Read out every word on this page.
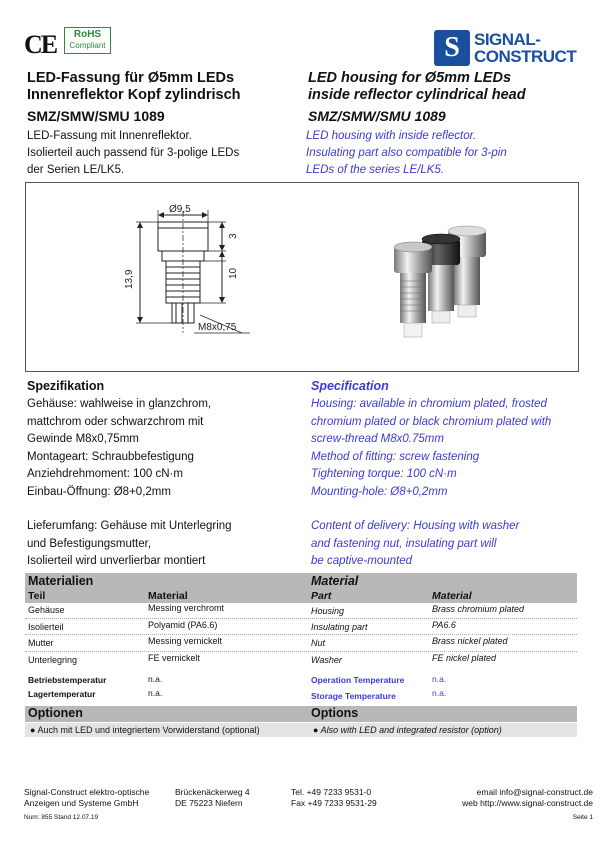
CE	RoHS
Compliant	S SIGNAL-
CONSTRUCT
LED-Fassung für Ø5mm LEDs
Innenreflektor Kopf zylindrisch
LED housing for Ø5mm LEDs
inside reflector cylindrical head
SMZ/SMW/SMU 1089	SMZ/SMW/SMU 1089
LED-Fassung mit Innenreflektor.
Isolierteil auch passend für 3-polige LEDs
der Serien LE/LK5.
LED housing with inside reflector.
Insulating part also compatible for 3-pin
LEDs of the series LE/LK5.
Ø9,5
3
10
13,9
M8x0,75
Spezifikation	Specification
Gehäuse: wahlweise in glanzchrom,
mattchrom oder schwarzchrom mit
Gewinde M8x0,75mm
Montageart: Schraubbefestigung
Anziehdrehmoment: 100 cN·m
Einbau-Öffnung: Ø8+0,2mm
Housing: available in chromium plated, frosted
chromium plated or black chromium plated with
screw-thread M8x0.75mm
Method of fitting: screw fastening
Tightening torque: 100 cN·m
Mounting-hole: Ø8+0,2mm
Lieferumfang: Gehäuse mit Unterlegring
und Befestigungsmutter,
Isolierteil wird unverlierbar montiert
Content of delivery: Housing with washer
and fastening nut, insulating part will
be captive-mounted
Materialien	Material
Teil	Material	Part	Material
Gehäuse	Messing verchromt	Housing	Brass chromium plated
Isolierteil	Polyamid (PA6.6)	Insulating part	PA6.6
Mutter	Messing vernickelt	Nut	Brass nickel plated
Unterlegring	FE vernickelt	Washer	FE nickel plated
Betriebstemperatur	n.a.	Operation Temperature	n.a.
Lagertemperatur	n.a.	Storage Temperature	n.a.
Optionen	Options
● Auch mit LED und integriertem Vorwiderstand (optional)	● Also with LED and integrated resistor (option)
Signal-Construct elektro-optische
Anzeigen und Systeme GmbH
Brückenäckerweg 4
DE 75223 Niefern
Tel. +49 7233 9531-0
Fax +49 7233 9531-29
email info@signal-construct.de
web http://www.signal-construct.de
Num: 855 Stand 12.07.19	Seite 1
